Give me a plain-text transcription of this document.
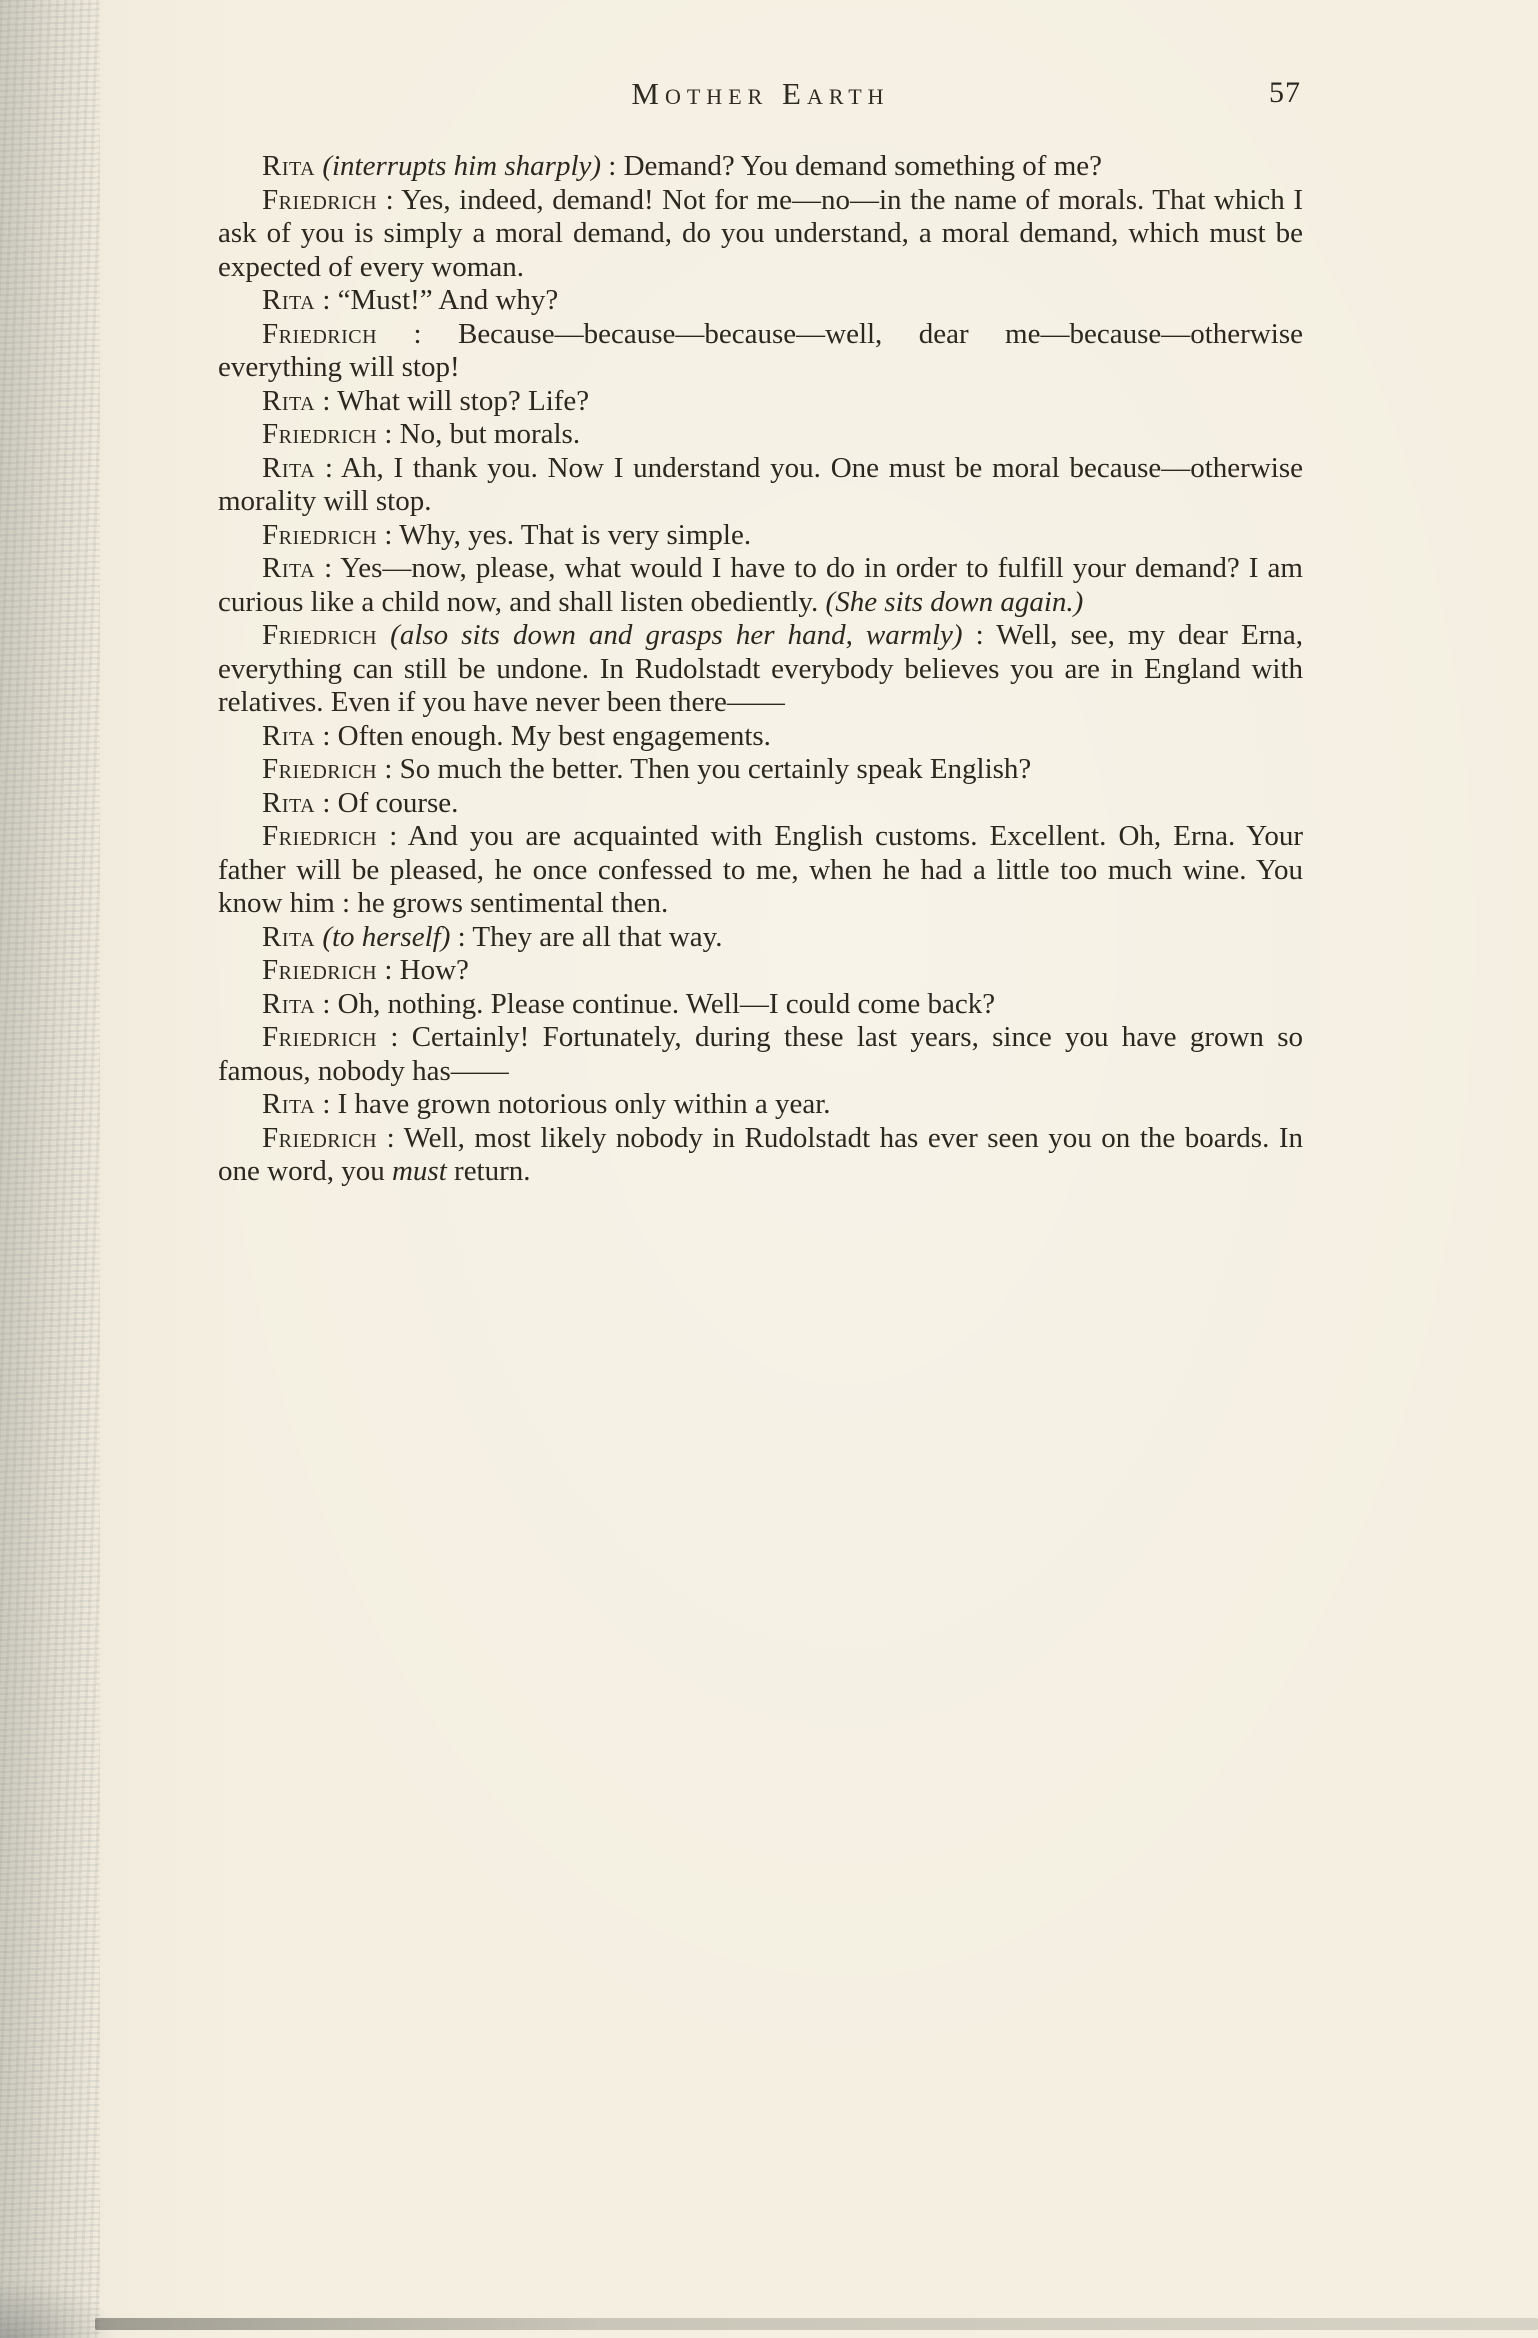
Mother Earth	57

Rita (interrupts him sharply) : Demand? You demand something of me?

Friedrich : Yes, indeed, demand! Not for me—no—in the name of morals. That which I ask of you is simply a moral demand, do you understand, a moral demand, which must be expected of every woman.

Rita : “Must!” And why?

Friedrich : Because—because—because—well, dear me—because—otherwise everything will stop!

Rita : What will stop? Life?

Friedrich : No, but morals.

Rita : Ah, I thank you. Now I understand you. One must be moral because—otherwise morality will stop.

Friedrich : Why, yes. That is very simple.

Rita : Yes—now, please, what would I have to do in order to fulfill your demand? I am curious like a child now, and shall listen obediently. (She sits down again.)

Friedrich (also sits down and grasps her hand, warmly) : Well, see, my dear Erna, everything can still be undone. In Rudolstadt everybody believes you are in England with relatives. Even if you have never been there——

Rita : Often enough. My best engagements.

Friedrich : So much the better. Then you certainly speak English?

Rita : Of course.

Friedrich : And you are acquainted with English customs. Excellent. Oh, Erna. Your father will be pleased, he once confessed to me, when he had a little too much wine. You know him : he grows sentimental then.

Rita (to herself) : They are all that way.

Friedrich : How?

Rita : Oh, nothing. Please continue. Well—I could come back?

Friedrich : Certainly! Fortunately, during these last years, since you have grown so famous, nobody has——

Rita : I have grown notorious only within a year.

Friedrich : Well, most likely nobody in Rudolstadt has ever seen you on the boards. In one word, you must return.
